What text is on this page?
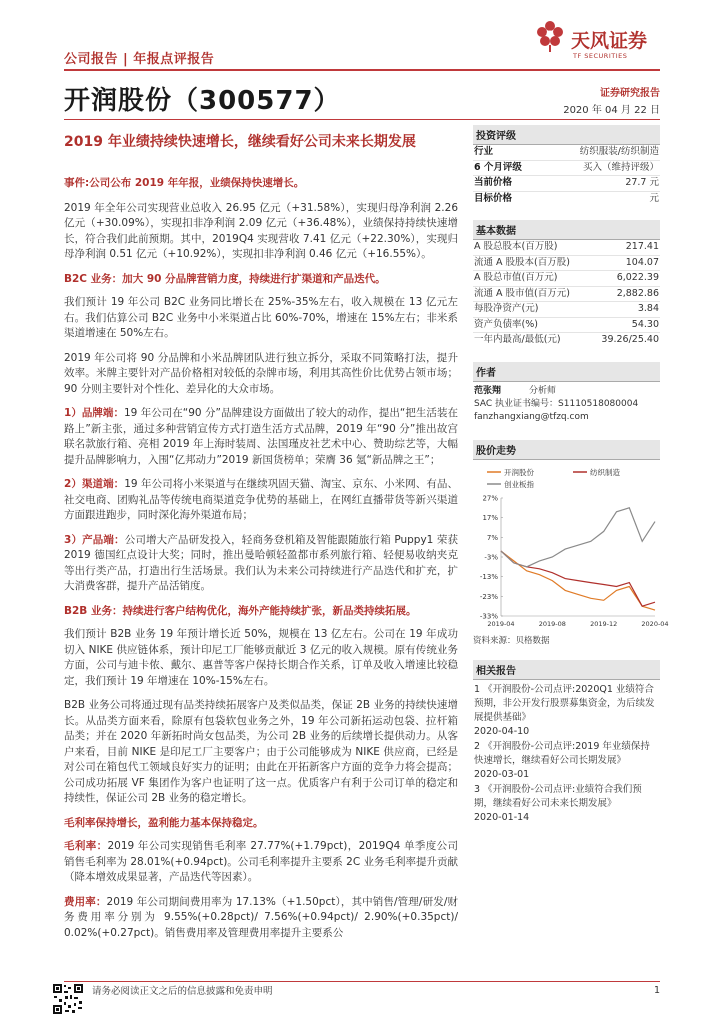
公司报告 | 年报点评报告
天风证券
TF SECURITIES
开润股份（300577）	证券研究报告
2020 年 04 月 22 日
2019 年业绩持续快速增长，继续看好公司未来长期发展
事件:公司公布 2019 年年报，业绩保持快速增长。
2019 年全年公司实现营业总收入 26.95 亿元（+31.58%），实现归母净利润 2.26 亿元（+30.09%），实现扣非净利润 2.09 亿元（+36.48%），业绩保持持续快速增长，符合我们此前预期。其中，2019Q4 实现营收 7.41 亿元（+22.30%），实现归母净利润 0.51 亿元（+10.92%），实现扣非净利润 0.46 亿元（+16.55%）。
B2C 业务：加大 90 分品牌营销力度，持续进行扩渠道和产品迭代。
我们预计 19 年公司 B2C 业务同比增长在 25%-35%左右，收入规模在 13 亿元左右。我们估算公司 B2C 业务中小米渠道占比 60%-70%，增速在 15%左右；非米系渠道增速在 50%左右。
2019 年公司将 90 分品牌和小米品牌团队进行独立拆分，采取不同策略打法，提升效率。米牌主要针对产品价格相对较低的杂牌市场，利用其高性价比优势占领市场；90 分则主要针对个性化、差异化的大众市场。
1）品牌端：19 年公司在“90 分”品牌建设方面做出了较大的动作，提出“把生活装在路上”新主张，通过多种营销宣传方式打造生活方式品牌，2019 年“90 分”推出故宫联名款旅行箱、亮相 2019 年上海时装周、法国瑾皮社艺术中心、赞助综艺等，大幅提升品牌影响力，入围“亿邦动力”2019 新国货榜单；荣膺 36 氪“新品牌之王”；
2）渠道端：19 年公司将小米渠道与在继续巩固天猫、淘宝、京东、小米网、有品、社交电商、团购礼品等传统电商渠道竞争优势的基础上，在网红直播带货等新兴渠道方面跟进跑步，同时深化海外渠道布局；
3）产品端：公司增大产品研发投入，轻商务登机箱及智能跟随旅行箱 Puppy1 荣获 2019 德国红点设计大奖；同时，推出曼哈顿轻盈都市系列旅行箱、轻便易收纳夹克等出行类产品，打造出行生活场景。我们认为未来公司持续进行产品迭代和扩充，扩大消费客群，提升产品活销度。
B2B 业务：持续进行客户结构优化，海外产能持续扩张，新品类持续拓展。
我们预计 B2B 业务 19 年预计增长近 50%，规模在 13 亿左右。公司在 19 年成功切入 NIKE 供应链体系，预计印尼工厂能够贡献近 3 亿元的收入规模。原有传统业务方面，公司与迪卡侬、戴尔、惠普等客户保持长期合作关系，订单及收入增速比较稳定，我们预计 19 年增速在 10%-15%左右。
B2B 业务公司将通过现有品类持续拓展客户及类似品类，保证 2B 业务的持续快速增长。从品类方面来看，除原有包袋软包业务之外，19 年公司新拓运动包袋、拉杆箱品类；并在 2020 年新拓时尚女包品类，为公司 2B 业务的后续增长提供动力。从客户来看，目前 NIKE 是印尼工厂主要客户；由于公司能够成为 NIKE 供应商，已经是对公司在箱包代工领域良好实力的证明；由此在开拓新客户方面的竞争力将会提高；公司成功拓展 VF 集团作为客户也证明了这一点。优质客户有利于公司订单的稳定和持续性，保证公司 2B 业务的稳定增长。
毛利率保持增长，盈利能力基本保持稳定。
毛利率：2019 年公司实现销售毛利率 27.77%(+1.79pct)，2019Q4 单季度公司销售毛利率为 28.01%(+0.94pct)。公司毛利率提升主要系 2C 业务毛利率提升贡献（降本增效成果显著，产品迭代等因素）。
费用率：2019 年公司期间费用率为 17.13%（+1.50pct），其中销售/管理/研发/财务费用率分别为 9.55%(+0.28pct)/ 7.56%(+0.94pct)/ 2.90%(+0.35pct)/ 0.02%(+0.27pct)。销售费用率及管理费用率提升主要系公
投资评级
行业	纺织服装/纺织制造
6 个月评级	买入（维持评级）
当前价格	27.7 元
目标价格	元
基本数据
A 股总股本(百万股)	217.41
流通 A 股股本(百万股)	104.07
A 股总市值(百万元)	6,022.39
流通 A 股市值(百万元)	2,882.86
每股净资产(元)	3.84
资产负债率(%)	54.30
一年内最高/最低(元)	39.26/25.40
作者
范张翔	分析师
SAC 执业证书编号：S1110518080004
fanzhangxiang@tfzq.com
股价走势
开润股份	纺织制造
创业板指
27%
17%
7%
-3%
-13%
-23%
-33%
2019-04	2019-08	2019-12	2020-04
资料来源：贝格数据
相关报告
1 《开润股份-公司点评:2020Q1 业绩符合预期，非公开发行股票募集资金，为后续发展提供基础》
2020-04-10
2 《开润股份-公司点评:2019 年业绩保持快速增长，继续看好公司长期发展》
2020-03-01
3 《开润股份-公司点评:业绩符合我们预期，继续看好公司未来长期发展》
2020-01-14
请务必阅读正文之后的信息披露和免责申明	1
